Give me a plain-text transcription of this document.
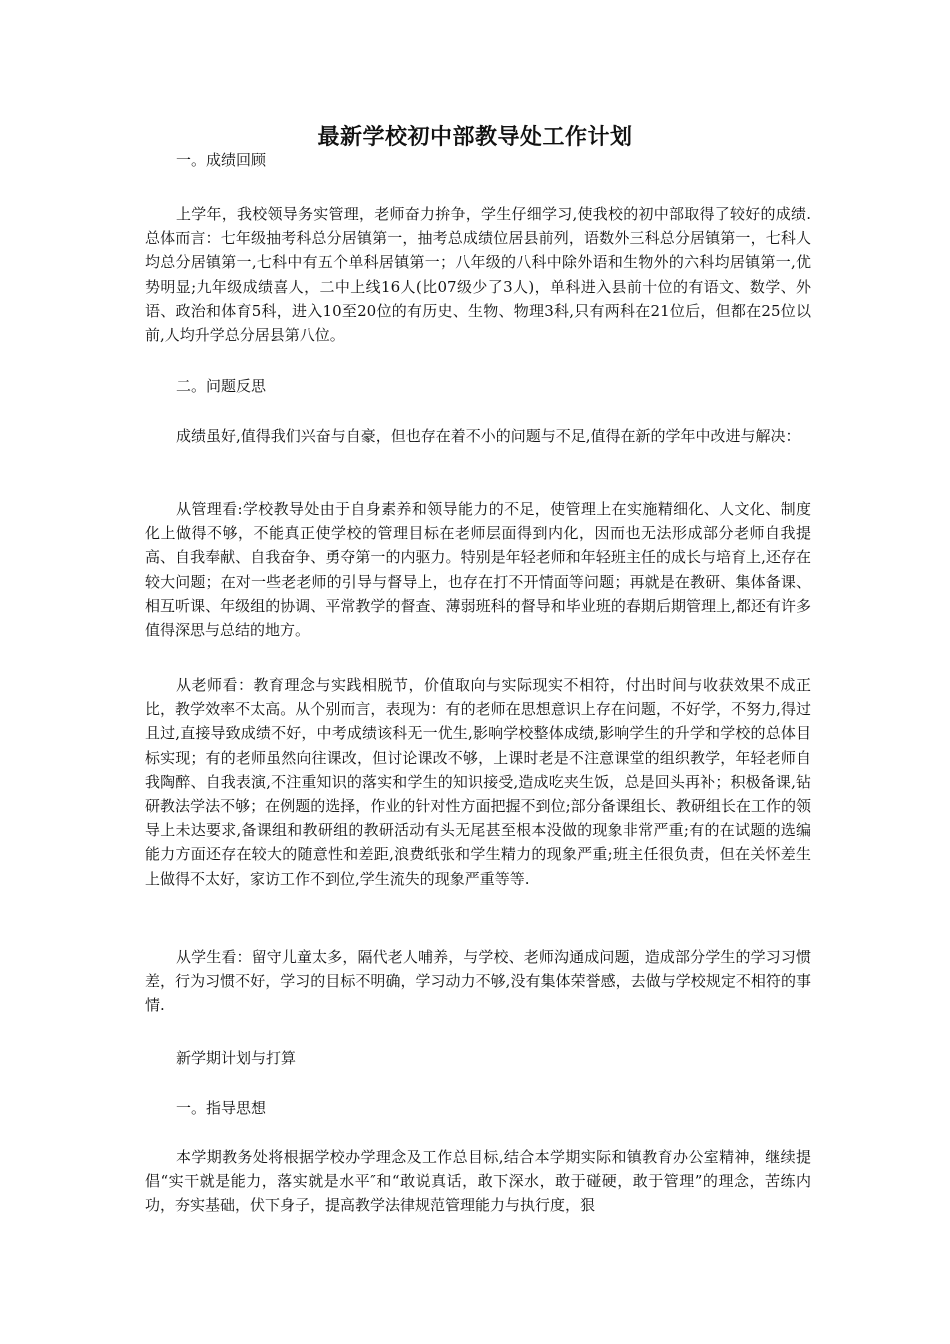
最新学校初中部教导处工作计划
一。成绩回顾

上学年，我校领导务实管理，老师奋力拚争，学生仔细学习,使我校的初中部取得了较好的成绩.总体而言：七年级抽考科总分居镇第一，抽考总成绩位居县前列，语数外三科总分居镇第一，七科人均总分居镇第一,七科中有五个单科居镇第一；八年级的八科中除外语和生物外的六科均居镇第一,优势明显;九年级成绩喜人，二中上线16人(比07级少了3人)，单科进入县前十位的有语文、数学、外语、政治和体育5科，进入10至20位的有历史、生物、物理3科,只有两科在21位后，但都在25位以前,人均升学总分居县第八位。

二。问题反思

成绩虽好,值得我们兴奋与自豪，但也存在着不小的问题与不足,值得在新的学年中改进与解决：

从管理看:学校教导处由于自身素养和领导能力的不足，使管理上在实施精细化、人文化、制度化上做得不够，不能真正使学校的管理目标在老师层面得到内化，因而也无法形成部分老师自我提高、自我奉献、自我奋争、勇夺第一的内驱力。特别是年轻老师和年轻班主任的成长与培育上,还存在较大问题；在对一些老老师的引导与督导上，也存在打不开情面等问题；再就是在教研、集体备课、相互听课、年级组的协调、平常教学的督查、薄弱班科的督导和毕业班的春期后期管理上,都还有许多值得深思与总结的地方。

从老师看：教育理念与实践相脱节，价值取向与实际现实不相符，付出时间与收获效果不成正比，教学效率不太高。从个别而言，表现为：有的老师在思想意识上存在问题，不好学，不努力,得过且过,直接导致成绩不好，中考成绩该科无一优生,影响学校整体成绩,影响学生的升学和学校的总体目标实现；有的老师虽然向往课改，但讨论课改不够，上课时老是不注意课堂的组织教学，年轻老师自我陶醉、自我表演,不注重知识的落实和学生的知识接受,造成吃夹生饭，总是回头再补；积极备课,钻研教法学法不够；在例题的选择，作业的针对性方面把握不到位;部分备课组长、教研组长在工作的领导上未达要求,备课组和教研组的教研活动有头无尾甚至根本没做的现象非常严重;有的在试题的选编能力方面还存在较大的随意性和差距,浪费纸张和学生精力的现象严重;班主任很负责，但在关怀差生上做得不太好，家访工作不到位,学生流失的现象严重等等.

从学生看：留守儿童太多，隔代老人哺养，与学校、老师沟通成问题，造成部分学生的学习习惯差，行为习惯不好，学习的目标不明确，学习动力不够,没有集体荣誉感，去做与学校规定不相符的事情.

新学期计划与打算
一。指导思想

本学期教务处将根据学校办学理念及工作总目标,结合本学期实际和镇教育办公室精神，继续提倡“实干就是能力，落实就是水平″和“敢说真话，敢下深水，敢于碰硬，敢于管理”的理念，苦练内功，夯实基础，伏下身子，提高教学法律规范管理能力与执行度，狠
